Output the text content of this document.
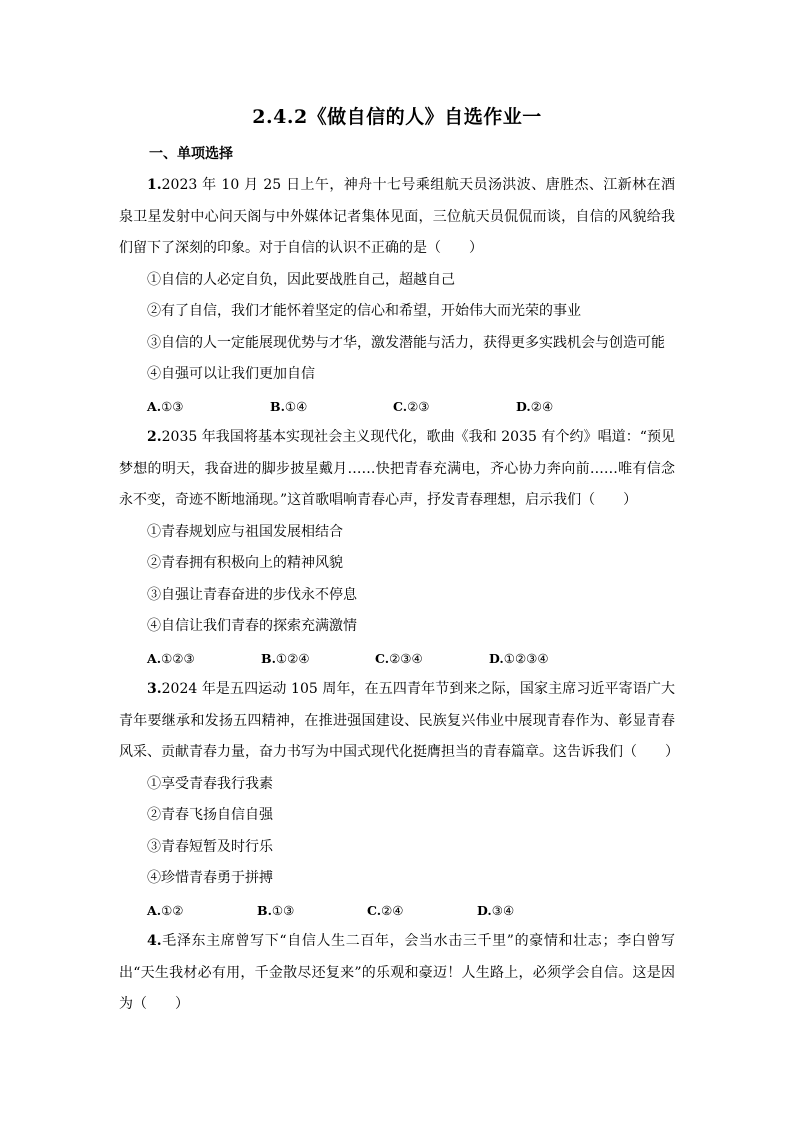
2.4.2《做自信的人》自选作业一
一、单项选择

1.2023 年 10 月 25 日上午，神舟十七号乘组航天员汤洪波、唐胜杰、江新林在酒泉卫星发射中心问天阁与中外媒体记者集体见面，三位航天员侃侃而谈，自信的风貌给我们留下了深刻的印象。对于自信的认识不正确的是（　　）

①自信的人必定自负，因此要战胜自己，超越自己

②有了自信，我们才能怀着坚定的信心和希望，开始伟大而光荣的事业

③自信的人一定能展现优势与才华，激发潜能与活力，获得更多实践机会与创造可能

④自强可以让我们更加自信

A.①③	B.①④	C.②③	D.②④

2.2035 年我国将基本实现社会主义现代化，歌曲《我和 2035 有个约》唱道：“预见梦想的明天，我奋进的脚步披星戴月……快把青春充满电，齐心协力奔向前……唯有信念永不变，奇迹不断地涌现。”这首歌唱响青春心声，抒发青春理想，启示我们（　　）

①青春规划应与祖国发展相结合

②青春拥有积极向上的精神风貌

③自强让青春奋进的步伐永不停息

④自信让我们青春的探索充满激情

A.①②③	B.①②④	C.②③④	D.①②③④

3.2024 年是五四运动 105 周年，在五四青年节到来之际，国家主席习近平寄语广大青年要继承和发扬五四精神，在推进强国建设、民族复兴伟业中展现青春作为、彰显青春风采、贡献青春力量，奋力书写为中国式现代化挺膺担当的青春篇章。这告诉我们（　　）

①享受青春我行我素

②青春飞扬自信自强

③青春短暂及时行乐

④珍惜青春勇于拼搏

A.①②	B.①③	C.②④	D.③④

4.毛泽东主席曾写下“自信人生二百年，会当水击三千里”的豪情和壮志；李白曾写出“天生我材必有用，千金散尽还复来”的乐观和豪迈！人生路上，必须学会自信。这是因为（　　）
